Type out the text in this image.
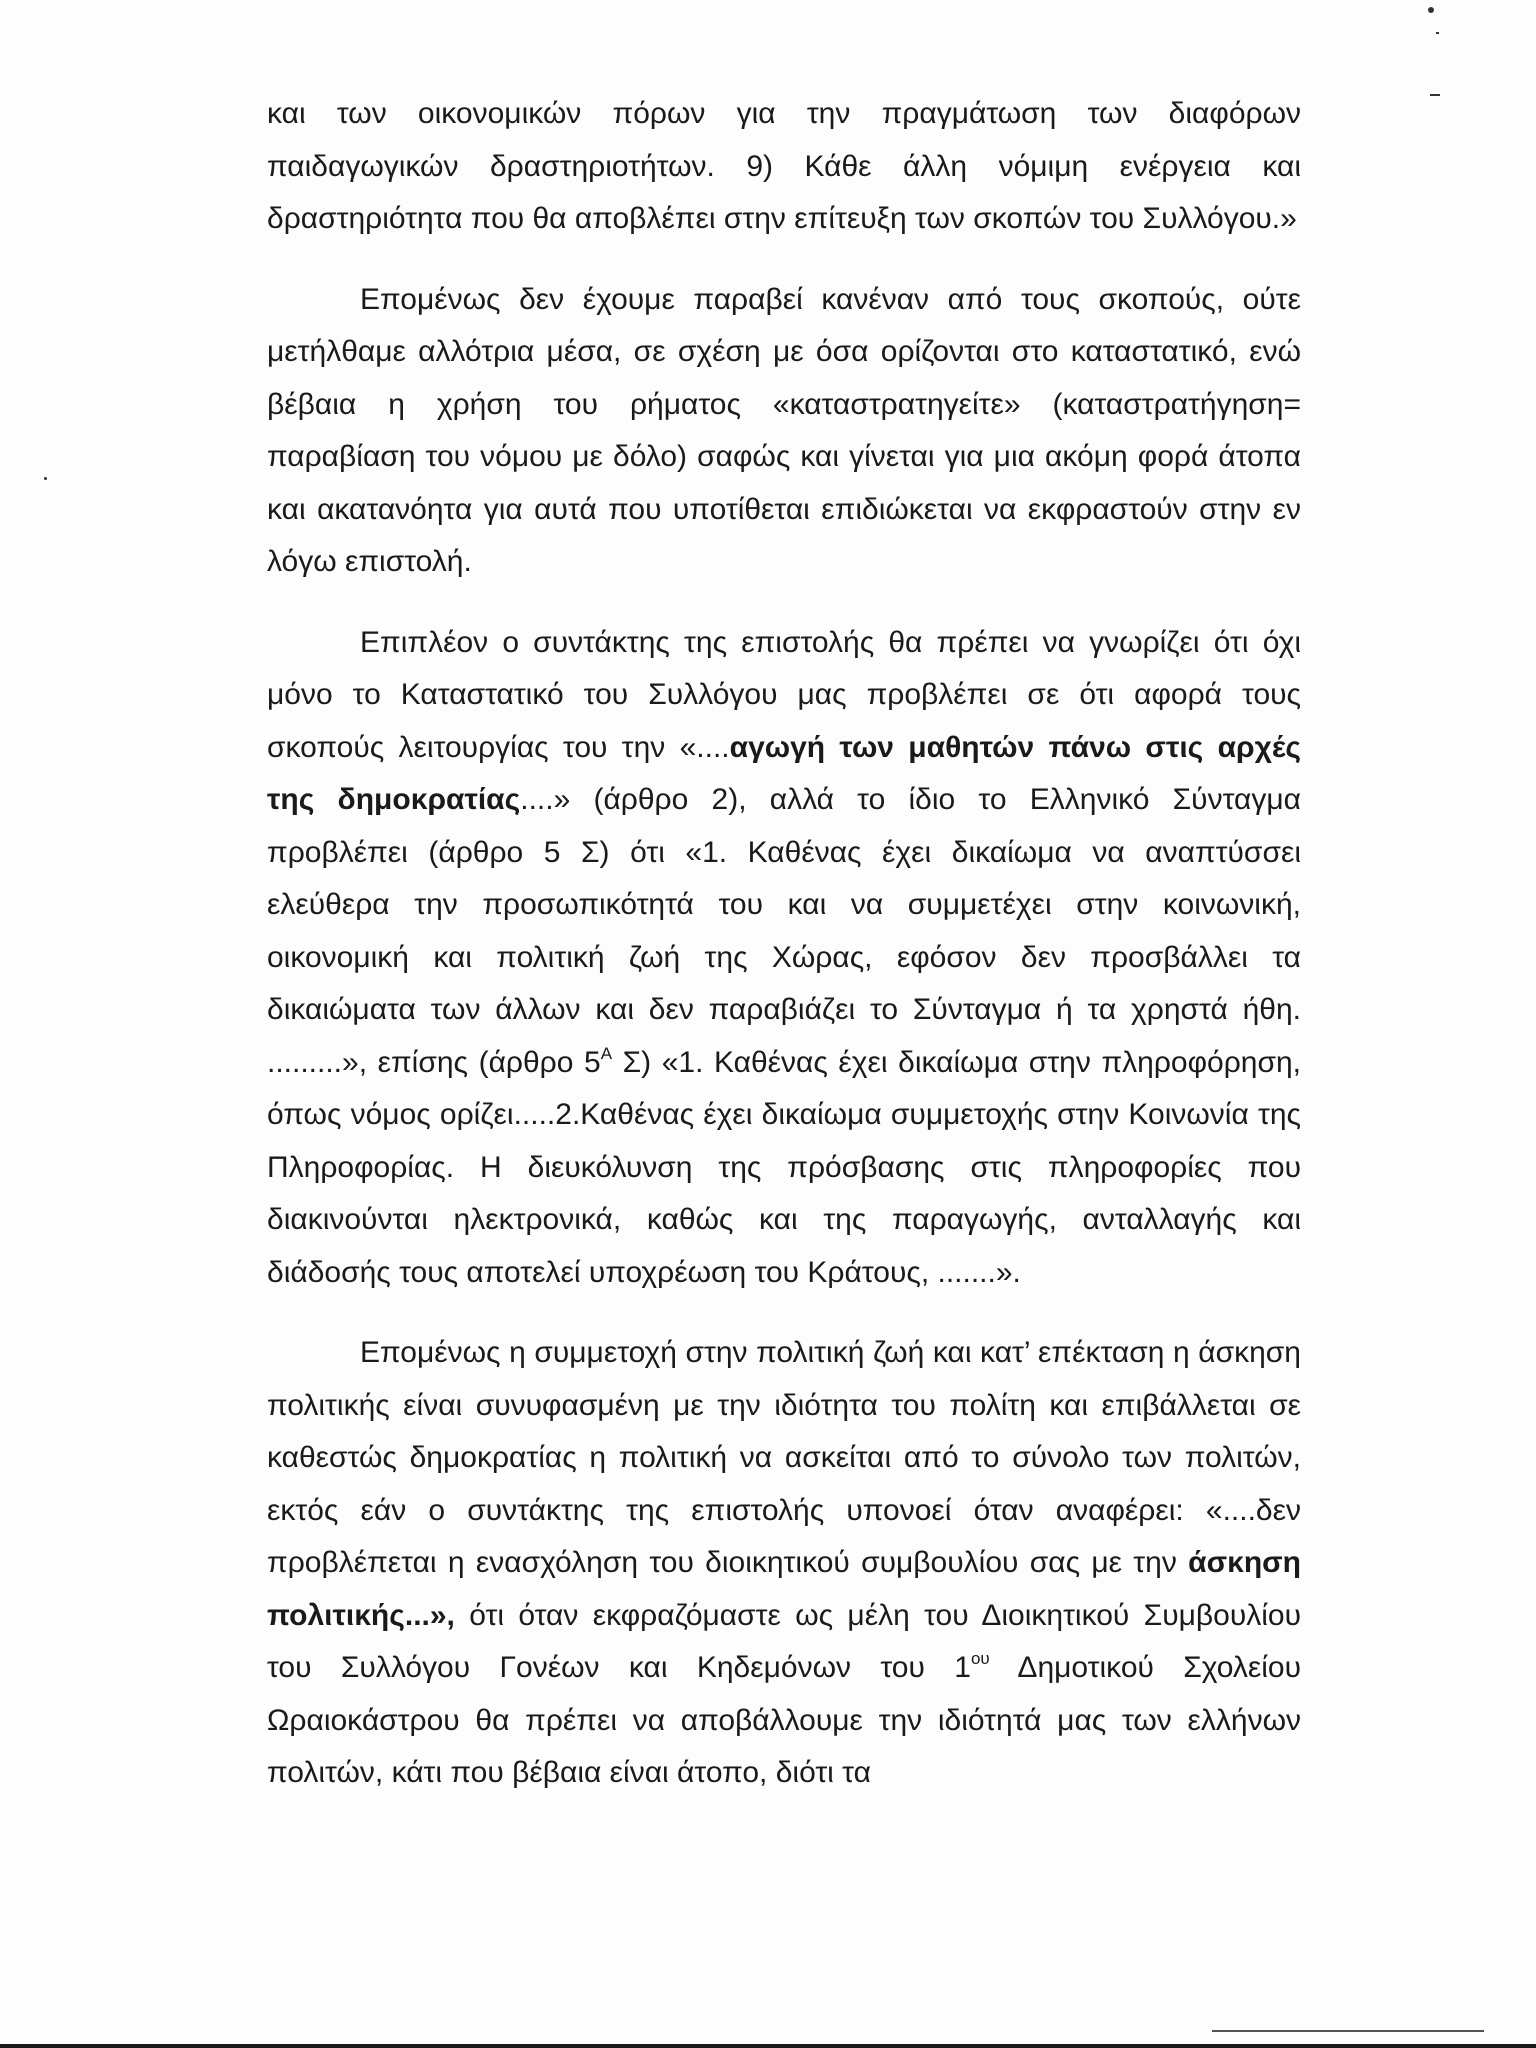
και των οικονομικών πόρων για την πραγμάτωση των διαφόρων παιδαγωγικών δραστηριοτήτων. 9) Κάθε άλλη νόμιμη ενέργεια και δραστηριότητα που θα αποβλέπει στην επίτευξη των σκοπών του Συλλόγου.»

Επομένως δεν έχουμε παραβεί κανέναν από τους σκοπούς, ούτε μετήλθαμε αλλότρια μέσα, σε σχέση με όσα ορίζονται στο καταστατικό, ενώ βέβαια η χρήση του ρήματος «καταστρατηγείτε» (καταστρατήγηση= παραβίαση του νόμου με δόλο) σαφώς και γίνεται για μια ακόμη φορά άτοπα και ακατανόητα για αυτά που υποτίθεται επιδιώκεται να εκφραστούν στην εν λόγω επιστολή.

Επιπλέον ο συντάκτης της επιστολής θα πρέπει να γνωρίζει ότι όχι μόνο το Καταστατικό του Συλλόγου μας προβλέπει σε ότι αφορά τους σκοπούς λειτουργίας του την «....αγωγή των μαθητών πάνω στις αρχές της δημοκρατίας....» (άρθρο 2), αλλά το ίδιο το Ελληνικό Σύνταγμα προβλέπει (άρθρο 5 Σ) ότι «1. Καθένας έχει δικαίωμα να αναπτύσσει ελεύθερα την προσωπικότητά του και να συμμετέχει στην κοινωνική, οικονομική και πολιτική ζωή της Χώρας, εφόσον δεν προσβάλλει τα δικαιώματα των άλλων και δεν παραβιάζει το Σύνταγμα ή τα χρηστά ήθη. .........», επίσης (άρθρο $5^A$ Σ) «1. Καθένας έχει δικαίωμα στην πληροφόρηση, όπως νόμος ορίζει.....2.Καθένας έχει δικαίωμα συμμετοχής στην Κοινωνία της Πληροφορίας. Η διευκόλυνση της πρόσβασης στις πληροφορίες που διακινούνται ηλεκτρονικά, καθώς και της παραγωγής, ανταλλαγής και διάδοσής τους αποτελεί υποχρέωση του Κράτους, .......».

Επομένως η συμμετοχή στην πολιτική ζωή και κατ’ επέκταση η άσκηση πολιτικής είναι συνυφασμένη με την ιδιότητα του πολίτη και επιβάλλεται σε καθεστώς δημοκρατίας η πολιτική να ασκείται από το σύνολο των πολιτών, εκτός εάν ο συντάκτης της επιστολής υπονοεί όταν αναφέρει: «....δεν προβλέπεται η ενασχόληση του διοικητικού συμβουλίου σας με την άσκηση πολιτικής...», ότι όταν εκφραζόμαστε ως μέλη του Διοικητικού Συμβουλίου του Συλλόγου Γονέων και Κηδεμόνων του $1^{o\upsilon}$ Δημοτικού Σχολείου Ωραιοκάστρου θα πρέπει να αποβάλλουμε την ιδιότητά μας των ελλήνων πολιτών, κάτι που βέβαια είναι άτοπο, διότι τα
